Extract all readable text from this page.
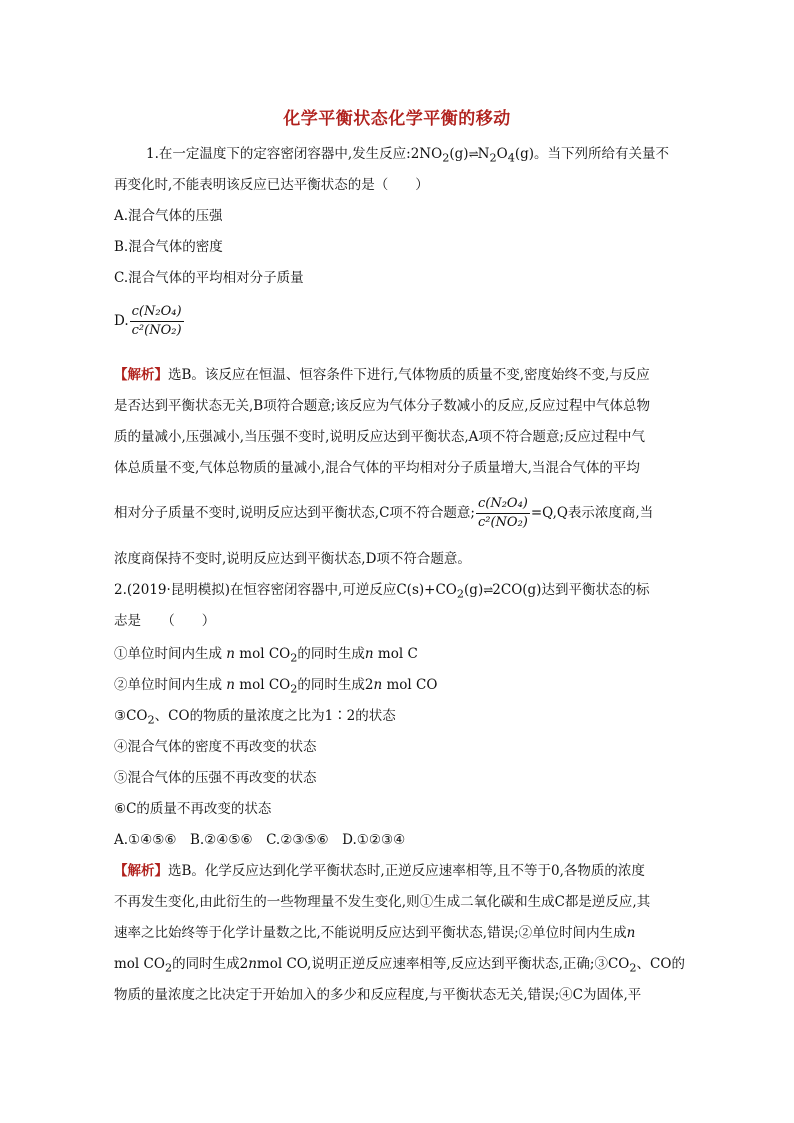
化学平衡状态化学平衡的移动
1.在一定温度下的定容密闭容器中,发生反应$:2NO_2(g)\rightleftharpoons N_2O_4(g)$。当下列所给有关量不
再变化时,不能表明该反应已达平衡状态的是（　　）
A.混合气体的压强
B.混合气体的密度
C.混合气体的平均相对分子质量
D. $\frac{\text{c(N₂O₄)}}{\text{c²(NO₂)}}$
【解析】选B。该反应在恒温、恒容条件下进行,气体物质的质量不变,密度始终不变,与反应
是否达到平衡状态无关,B项符合题意;该反应为气体分子数减小的反应,反应过程中气体总物
质的量减小,压强减小,当压强不变时,说明反应达到平衡状态,A项不符合题意;反应过程中气
体总质量不变,气体总物质的量减小,混合气体的平均相对分子质量增大,当混合气体的平均
相对分子质量不变时,说明反应达到平衡状态,C项不符合题意; $\frac{\text{c(N₂O₄)}}{\text{c²(NO₂)}} =Q,Q$表示浓度商,当
浓度商保持不变时,说明反应达到平衡状态,D项不符合题意。
2.(2019·昆明模拟)在恒容密闭容器中,可逆反应$C(s)+CO_2(g)\rightleftharpoons 2CO(g)$达到平衡状态的标
志是　　（　　）
①单位时间内生成 n mol $CO_2$的同时生成n mol C
②单位时间内生成 n mol $CO_2$的同时生成2n mol CO
$③CO_2$、CO的物质的量浓度之比为1∶2的状态
④混合气体的密度不再改变的状态
⑤混合气体的压强不再改变的状态
⑥C的质量不再改变的状态
A.①④⑤⑥　B.②④⑤⑥　C.②③⑤⑥　D.①②③④
【解析】选B。化学反应达到化学平衡状态时,正逆反应速率相等,且不等于0,各物质的浓度
不再发生变化,由此衍生的一些物理量不发生变化,则①生成二氧化碳和生成C都是逆反应,其
速率之比始终等于化学计量数之比,不能说明反应达到平衡状态,错误;②单位时间内生成n
mol $CO_2$的同时生成2nmol CO,说明正逆反应速率相等,反应达到平衡状态,正确$;③CO_2$、CO的
物质的量浓度之比决定于开始加入的多少和反应程度,与平衡状态无关,错误;④C为固体,平
